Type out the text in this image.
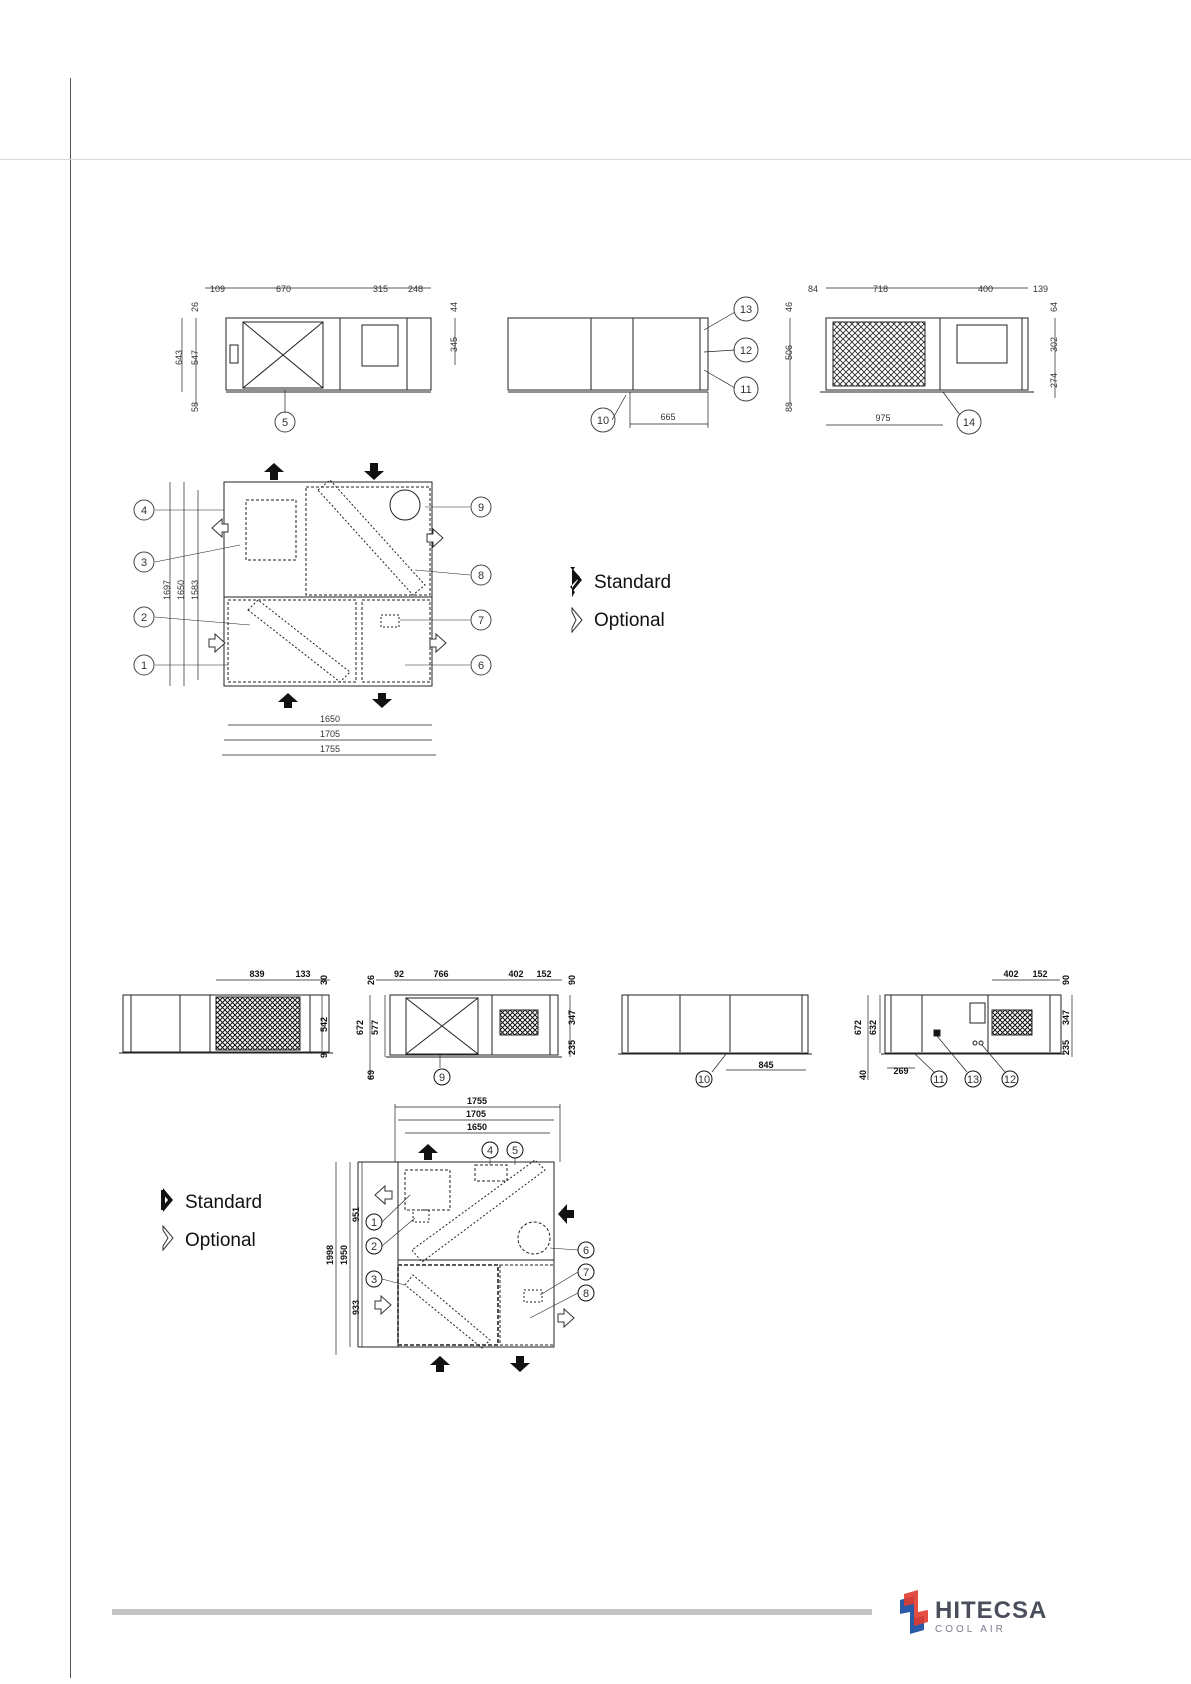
109	670	315 248
26
643 547
58
44
345
5	665
13
12
11
10
84	718	400	139
46
506
88
64
302
274
975	14
1697 1650 1583
1650
1705
1755
1
2
3
4
6
7
8
9
Standard
Optional
839	133
30
542
9
26
92	766	402 152
90
672 577
347
235
69	9
845
10
402 152
90
672 632
347
235
40	269
11 13 12
1755
1705
1650
1998 1950
951
933
1
2
3
4 5
6
7
8
Standard
Optional
HITECSA
COOL AIR
